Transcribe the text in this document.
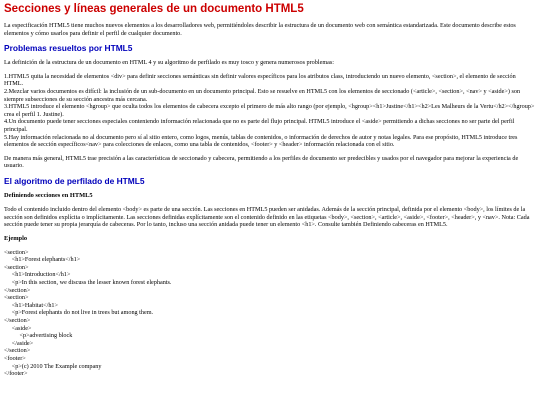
Secciones y líneas generales de un documento HTML5

La especificación HTML5 tiene muchos nuevos elementos a los desarrolladores web, permitiéndoles describir la estructura de un documento web con semántica estandarizada. Este documento describe estos elementos y cómo usarlos para definir el perfil de cualquier documento.

Problemas resueltos por HTML5

La definición de la estructura de un documento en HTML 4 y su algoritmo de perfilado es muy tosco y genera numerosos problemas:

1.HTML5 quita la necesidad de elementos <div> para definir secciones semánticas sin definir valores específicos para los atributos class, introduciendo un nuevo elemento, <section>, el elemento de sección HTML.

2.Mezclar varios documentos es difícil: la inclusión de un sub-documento en un documento principal. Esto se resuelve en HTML5 con los elementos de seccionado (<article>, <section>, <nav> y <aside>) son siempre subsecciones de su sección ancestra más cercana.

3.HTML5 introduce el elemento <hgroup> que oculta todos los elementos de cabecera excepto el primero de más alto rango (por ejemplo, <hgroup><h1>Justine</h1><h2>Les Malheurs de la Vertu</h2></hgroup> crea el perfil 1. Justine).

4.Un documento puede tener secciones especiales conteniendo información relacionada que no es parte del flujo principal. HTML5 introduce el <aside> permitiendo a dichas secciones no ser parte del perfil principal.

5.Hay información relacionada no al documento pero sí al sitio entero, como logos, menús, tablas de contenidos, o información de derechos de autor y notas legales. Para ese propósito, HTML5 introduce tres elementos de sección específicos<nav> para colecciones de enlaces, como una tabla de contenidos, <footer> y <header> información relacionada con el sitio.

De manera más general, HTML5 trae precisión a las características de seccionado y cabecera, permitiendo a los perfiles de documento ser predecibles y usados por el navegador para mejorar la experiencia de usuario.

El algoritmo de perfilado de HTML5
Definiendo secciones en HTML5

Todo el contenido incluido dentro del elemento <body> es parte de una sección. Las secciones en HTML5 pueden ser anidadas. Además de la sección principal, definida por el elemento <body>, los límites de la sección son definidos explícita o implícitamente. Las secciones definidas explícitamente son el contenido definido en las etiquetas <body>, <section>, <article>, <aside>, <footer>, <header>, y <nav>. Nota: Cada sección puede tener su propia jerarquía de cabeceras. Por lo tanto, incluso una sección anidada puede tener un elemento <h1>. Consulte también Definiendo cabeceras en HTML5.

Ejemplo
<section>
<h1>Forest elephants</h1>
<section>
<h1>Introduction</h1>
<p>In this section, we discuss the lesser known forest elephants.
</section>
<section>
<h1>Habitat</h1>
<p>Forest elephants do not live in trees but among them.
</section>
<aside>
<p>advertising block
</aside>
</section>
<footer>
<p>(c) 2010 The Example company
</footer>
